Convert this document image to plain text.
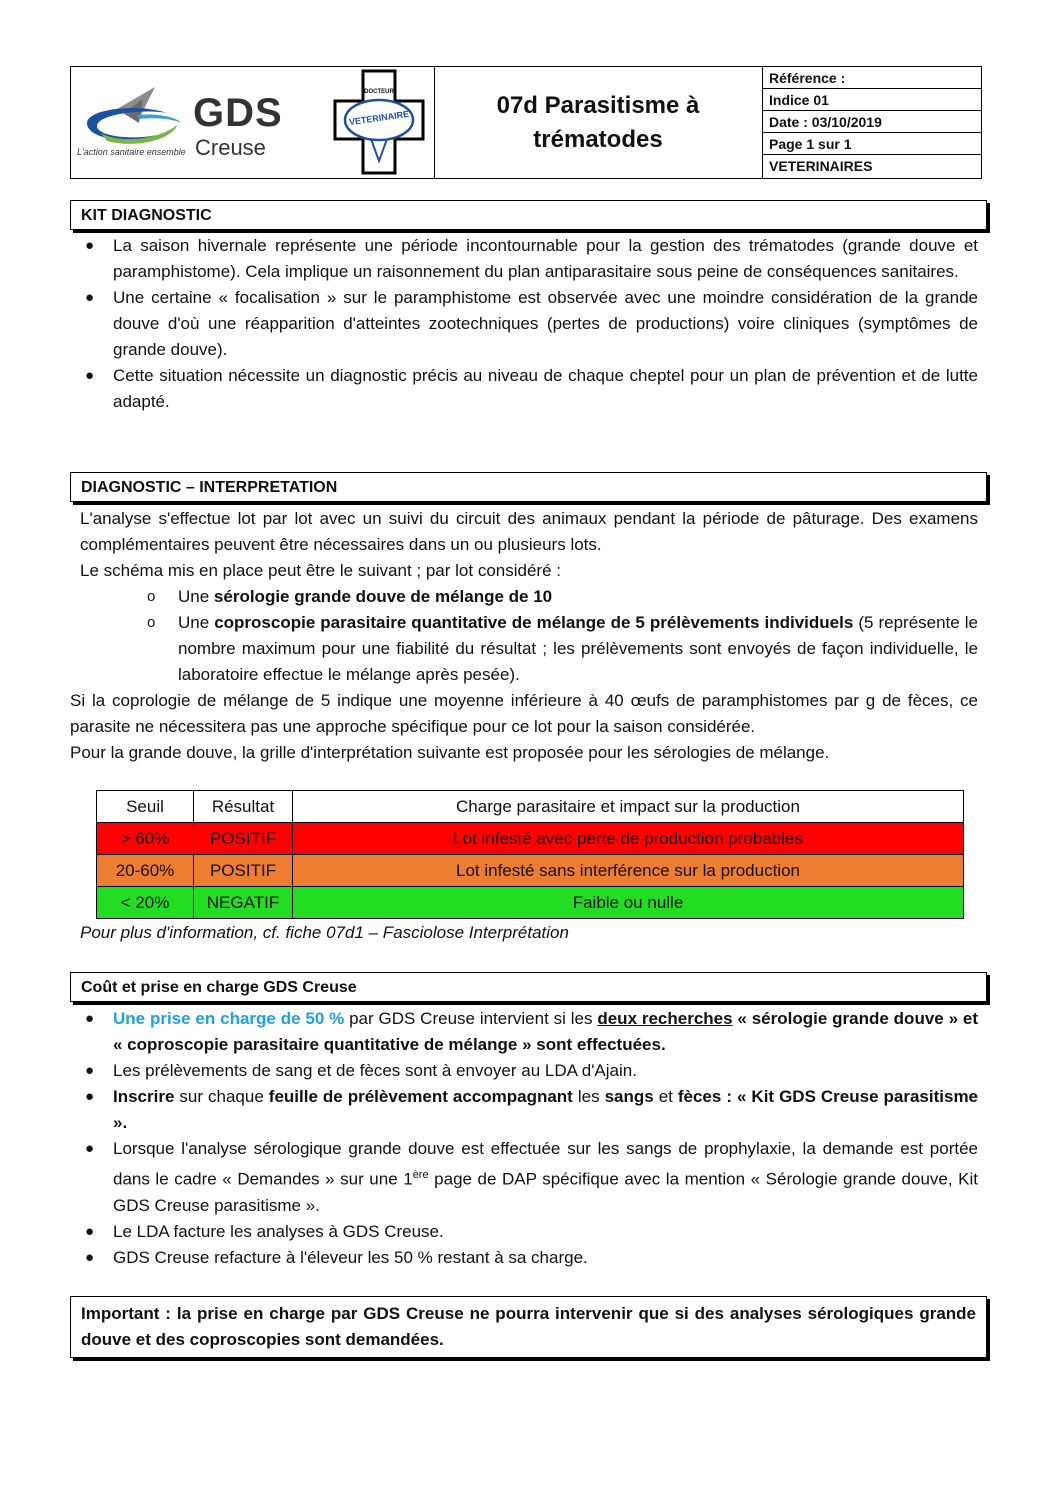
GDS
Creuse
L'action sanitaire ensemble
DOCTEUR
VETERINAIRE	07d Parasitisme à
trématodes
Référence :
Indice 01
Date : 03/10/2019
Page 1 sur 1
VETERINAIRES
KIT DIAGNOSTIC
● La saison hivernale représente une période incontournable pour la gestion des trématodes (grande douve et paramphistome). Cela implique un raisonnement du plan antiparasitaire sous peine de conséquences sanitaires.
● Une certaine « focalisation » sur le paramphistome est observée avec une moindre considération de la grande douve d'où une réapparition d'atteintes zootechniques (pertes de productions) voire cliniques (symptômes de grande douve).
● Cette situation nécessite un diagnostic précis au niveau de chaque cheptel pour un plan de prévention et de lutte adapté.
DIAGNOSTIC – INTERPRETATION
L'analyse s'effectue lot par lot avec un suivi du circuit des animaux pendant la période de pâturage. Des examens complémentaires peuvent être nécessaires dans un ou plusieurs lots.
Le schéma mis en place peut être le suivant ; par lot considéré :
o Une sérologie grande douve de mélange de 10
o Une coproscopie parasitaire quantitative de mélange de 5 prélèvements individuels (5 représente le nombre maximum pour une fiabilité du résultat ; les prélèvements sont envoyés de façon individuelle, le laboratoire effectue le mélange après pesée).
Si la coprologie de mélange de 5 indique une moyenne inférieure à 40 œufs de paramphistomes par g de fèces, ce parasite ne nécessitera pas une approche spécifique pour ce lot pour la saison considérée.
Pour la grande douve, la grille d'interprétation suivante est proposée pour les sérologies de mélange.
Seuil	Résultat	Charge parasitaire et impact sur la production
> 60%	POSITIF	Lot infesté avec perte de production probables
20-60%	POSITIF	Lot infesté sans interférence sur la production
< 20%	NEGATIF	Faible ou nulle
Pour plus d'information, cf. fiche 07d1 – Fasciolose Interprétation
Coût et prise en charge GDS Creuse
● Une prise en charge de 50 % par GDS Creuse intervient si les deux recherches « sérologie grande douve » et « coproscopie parasitaire quantitative de mélange » sont effectuées.
● Les prélèvements de sang et de fèces sont à envoyer au LDA d'Ajain.
● Inscrire sur chaque feuille de prélèvement accompagnant les sangs et fèces : « Kit GDS Creuse parasitisme ».
● Lorsque l'analyse sérologique grande douve est effectuée sur les sangs de prophylaxie, la demande est portée dans le cadre « Demandes » sur une 1ère page de DAP spécifique avec la mention « Sérologie grande douve, Kit GDS Creuse parasitisme ».
● Le LDA facture les analyses à GDS Creuse.
● GDS Creuse refacture à l'éleveur les 50 % restant à sa charge.
Important : la prise en charge par GDS Creuse ne pourra intervenir que si des analyses sérologiques grande douve et des coproscopies sont demandées.
